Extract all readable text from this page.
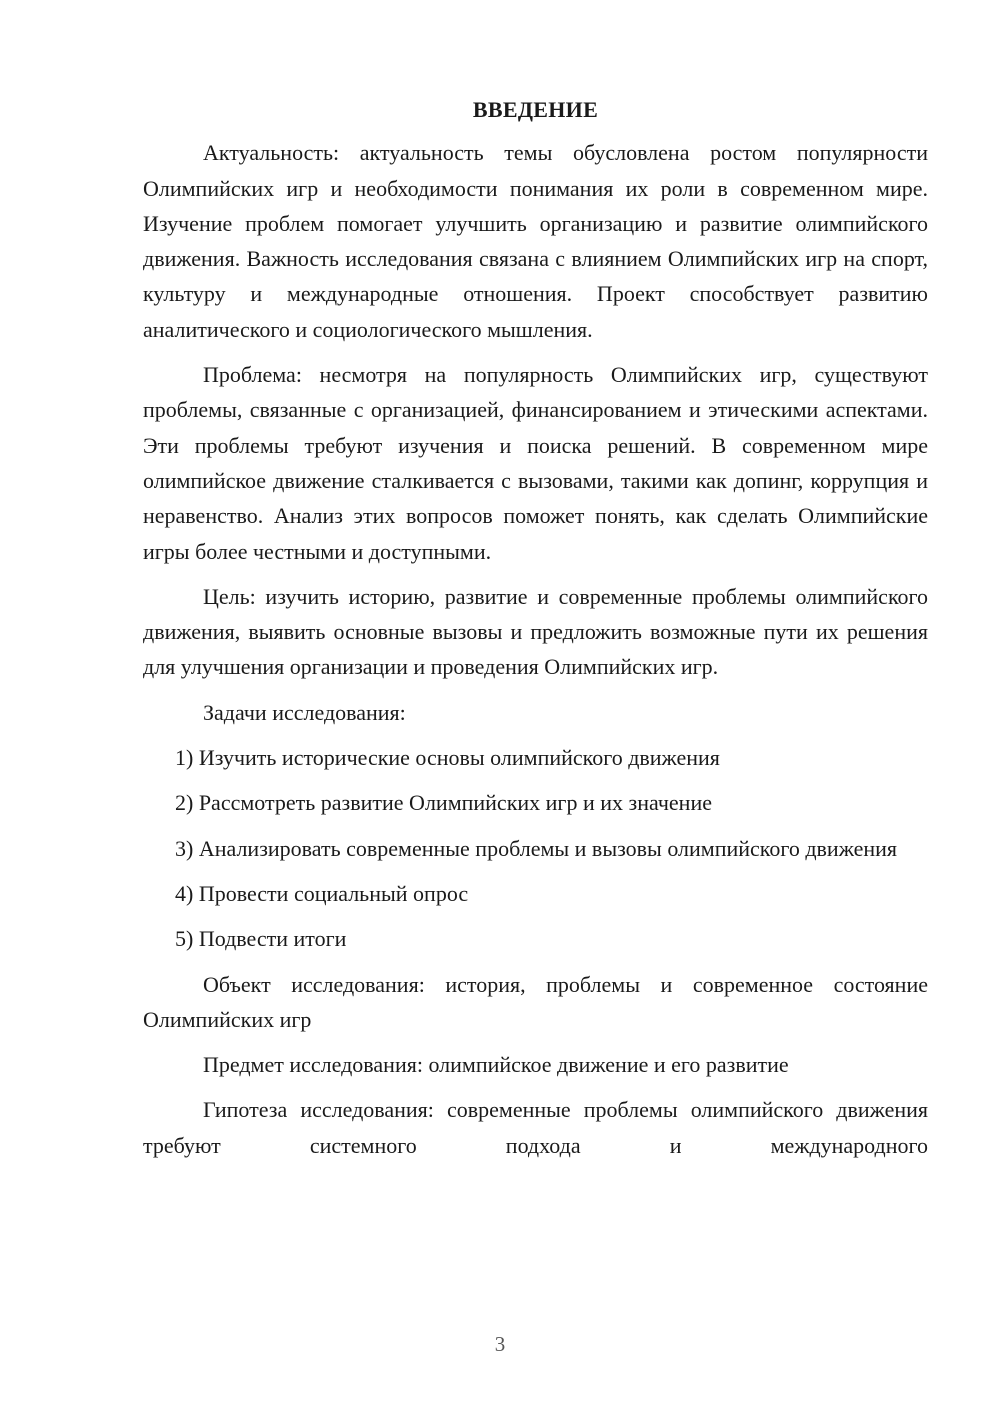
ВВЕДЕНИЕ

Актуальность: актуальность темы обусловлена ростом популярности Олимпийских игр и необходимости понимания их роли в современном мире. Изучение проблем помогает улучшить организацию и развитие олимпийского движения. Важность исследования связана с влиянием Олимпийских игр на спорт, культуру и международные отношения. Проект способствует развитию аналитического и социологического мышления.

Проблема: несмотря на популярность Олимпийских игр, существуют проблемы, связанные с организацией, финансированием и этическими аспектами. Эти проблемы требуют изучения и поиска решений. В современном мире олимпийское движение сталкивается с вызовами, такими как допинг, коррупция и неравенство. Анализ этих вопросов поможет понять, как сделать Олимпийские игры более честными и доступными.

Цель: изучить историю, развитие и современные проблемы олимпийского движения, выявить основные вызовы и предложить возможные пути их решения для улучшения организации и проведения Олимпийских игр.

Задачи исследования:

1) Изучить исторические основы олимпийского движения

2) Рассмотреть развитие Олимпийских игр и их значение

3) Анализировать современные проблемы и вызовы олимпийского движения

4) Провести социальный опрос

5) Подвести итоги

Объект исследования: история, проблемы и современное состояние Олимпийских игр

Предмет исследования: олимпийское движение и его развитие

Гипотеза исследования: современные проблемы олимпийского движения требуют системного подхода и международного

3
